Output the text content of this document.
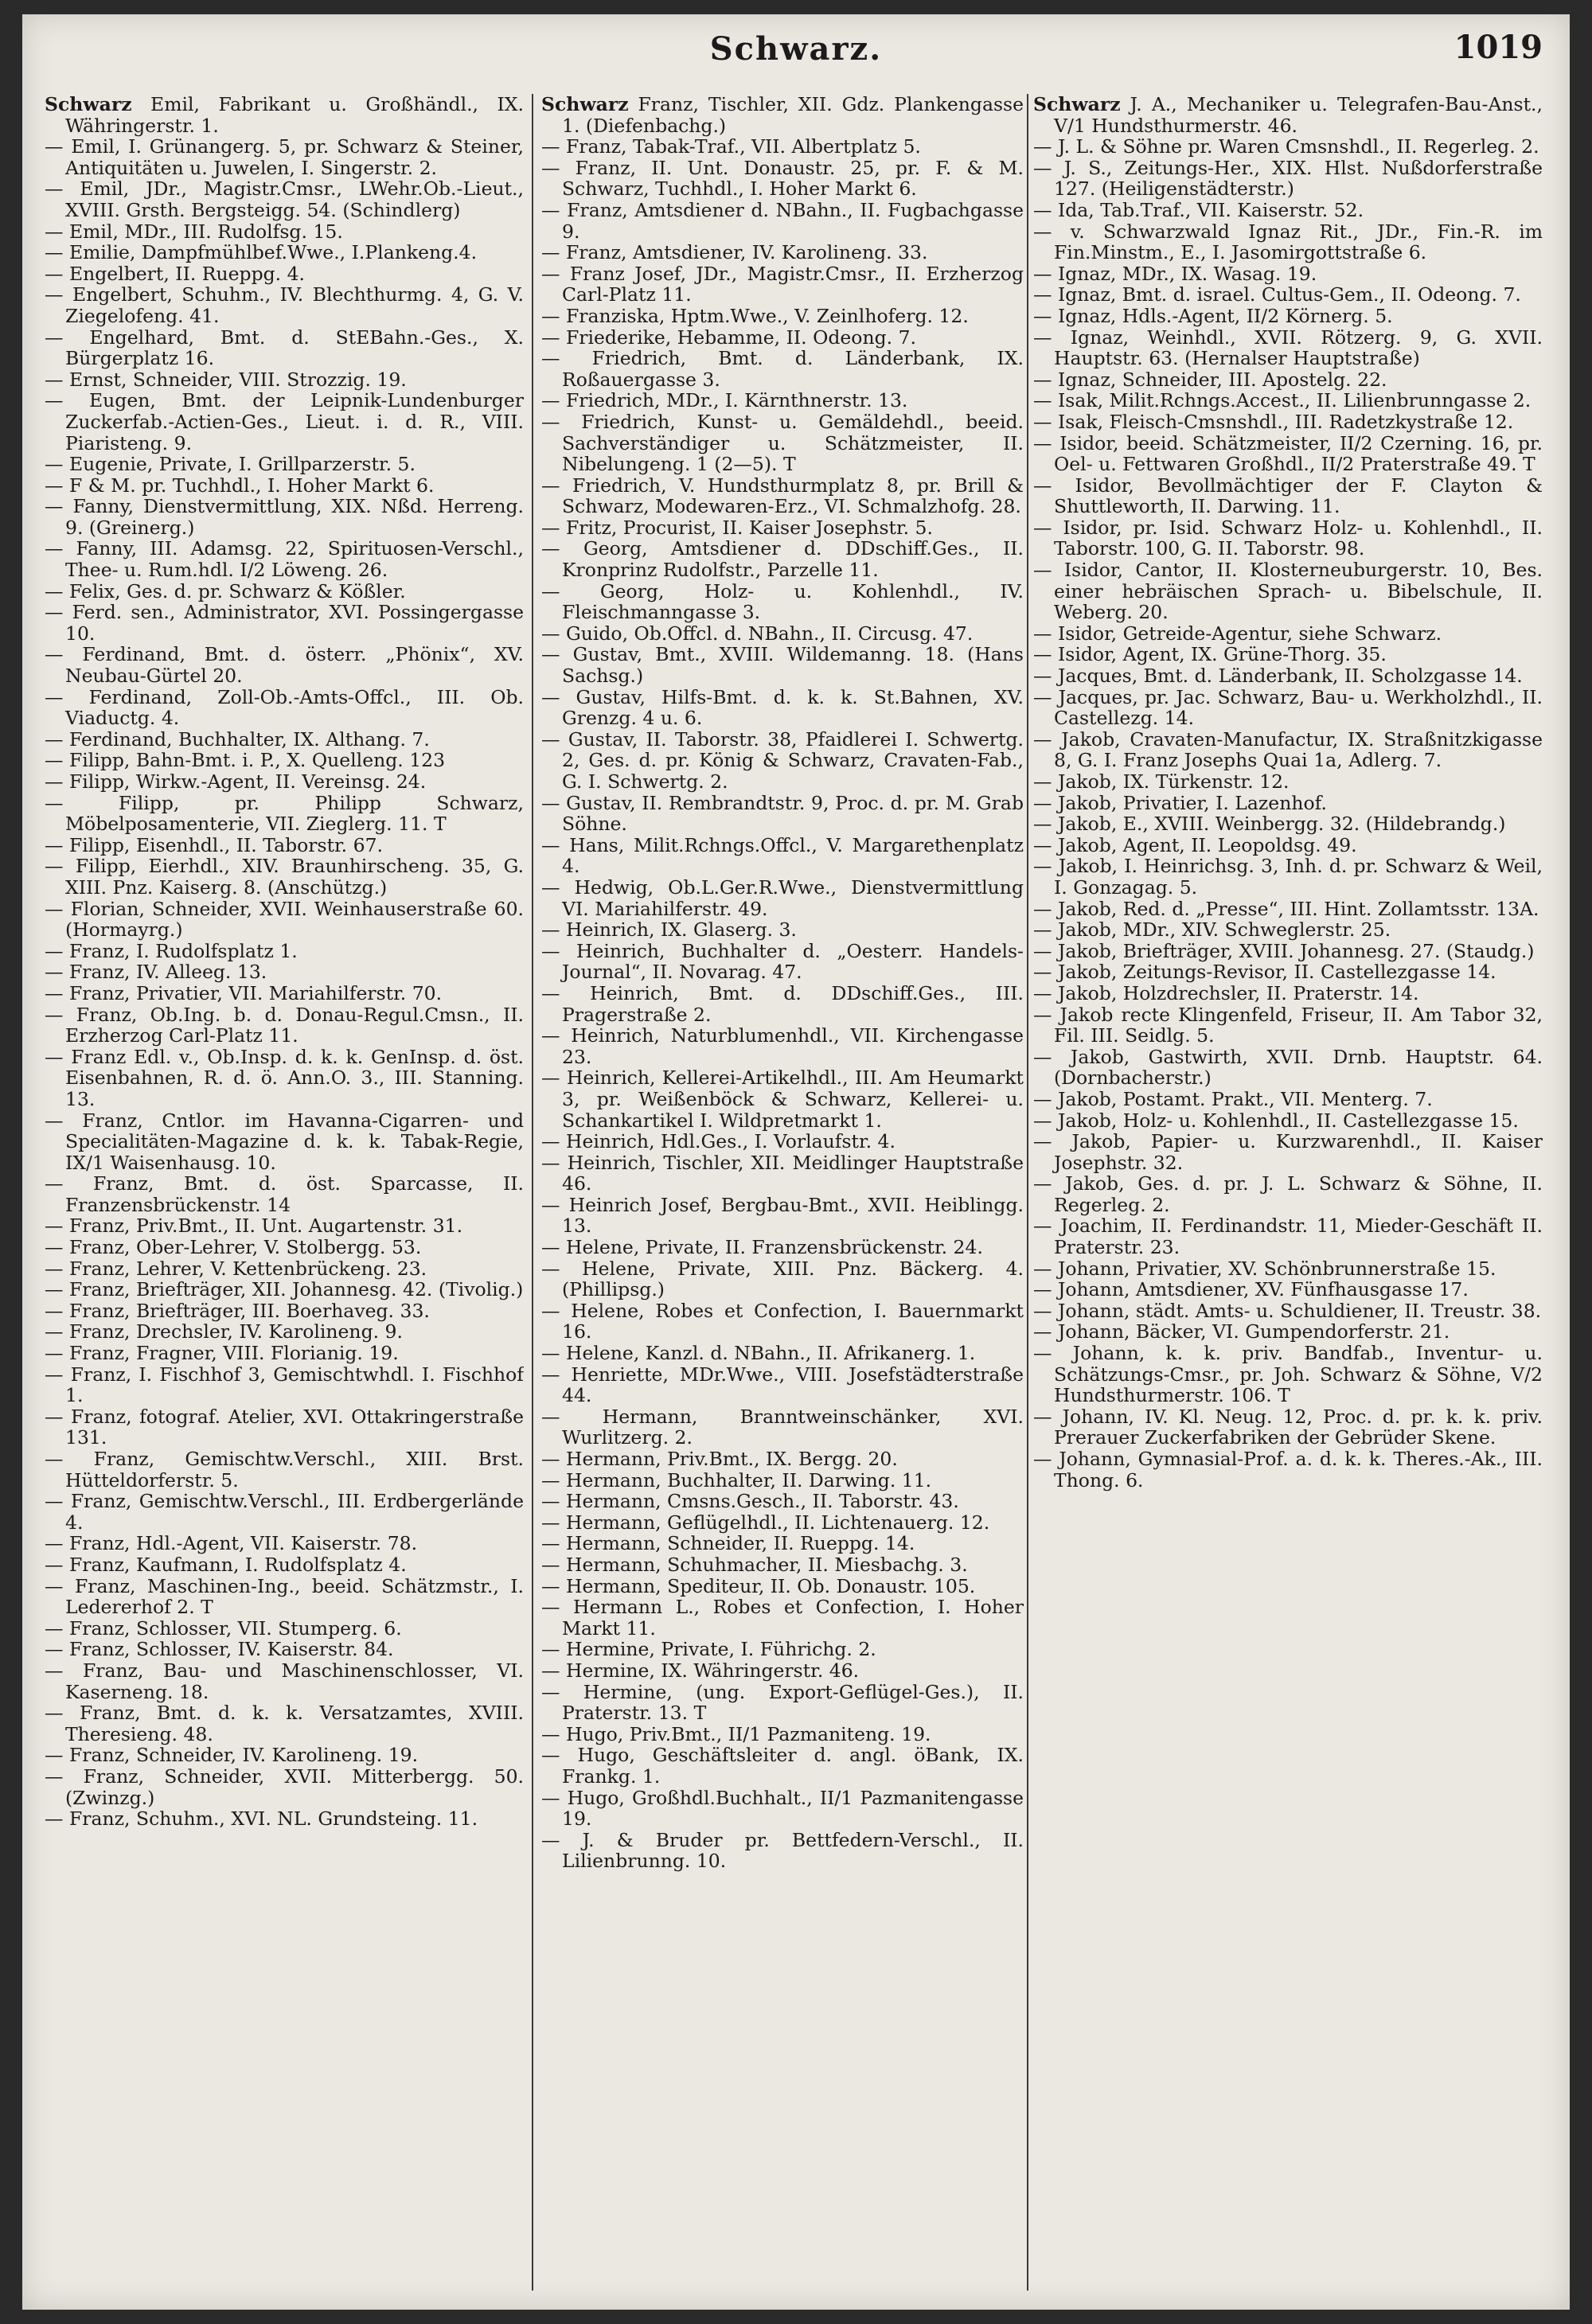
Schwarz.	1019
Schwarz Emil, Fabrikant u. Großhändl., IX. Währingerstr. 1.
— Emil, I. Grünangerg. 5, pr. Schwarz & Steiner, Antiquitäten u. Juwelen, I. Singerstr. 2.
— Emil, JDr., Magistr.Cmsr., LWehr.Ob.-Lieut., XVIII. Grsth. Bergsteigg. 54. (Schindlerg)
— Emil, MDr., III. Rudolfsg. 15.
— Emilie, Dampfmühlbef.Wwe., I.Plankeng.4.
— Engelbert, II. Rueppg. 4.
— Engelbert, Schuhm., IV. Blechthurmg. 4, G. V. Ziegelofeng. 41.
— Engelhard, Bmt. d. StEBahn.-Ges., X. Bürgerplatz 16.
— Ernst, Schneider, VIII. Strozzig. 19.
— Eugen, Bmt. der Leipnik-Lundenburger Zuckerfab.-Actien-Ges., Lieut. i. d. R., VIII. Piaristeng. 9.
— Eugenie, Private, I. Grillparzerstr. 5.
— F & M. pr. Tuchhdl., I. Hoher Markt 6.
— Fanny, Dienstvermittlung, XIX. Nßd. Herreng. 9. (Greinerg.)
— Fanny, III. Adamsg. 22, Spirituosen-Verschl., Thee- u. Rum.hdl. I/2 Löweng. 26.
— Felix, Ges. d. pr. Schwarz & Kößler.
— Ferd. sen., Administrator, XVI. Possingergasse 10.
— Ferdinand, Bmt. d. österr. „Phönix“, XV. Neubau-Gürtel 20.
— Ferdinand, Zoll-Ob.-Amts-Offcl., III. Ob. Viaductg. 4.
— Ferdinand, Buchhalter, IX. Althang. 7.
— Filipp, Bahn-Bmt. i. P., X. Quelleng. 123
— Filipp, Wirkw.-Agent, II. Vereinsg. 24.
— Filipp, pr. Philipp Schwarz, Möbelposamenterie, VII. Zieglerg. 11. T
— Filipp, Eisenhdl., II. Taborstr. 67.
— Filipp, Eierhdl., XIV. Braunhirscheng. 35, G. XIII. Pnz. Kaiserg. 8. (Anschützg.)
— Florian, Schneider, XVII. Weinhauserstraße 60. (Hormayrg.)
— Franz, I. Rudolfsplatz 1.
— Franz, IV. Alleeg. 13.
— Franz, Privatier, VII. Mariahilferstr. 70.
— Franz, Ob.Ing. b. d. Donau-Regul.Cmsn., II. Erzherzog Carl-Platz 11.
— Franz Edl. v., Ob.Insp. d. k. k. GenInsp. d. öst. Eisenbahnen, R. d. ö. Ann.O. 3., III. Stanning. 13.
— Franz, Cntlor. im Havanna-Cigarren- und Specialitäten-Magazine d. k. k. Tabak-Regie, IX/1 Waisenhausg. 10.
— Franz, Bmt. d. öst. Sparcasse, II. Franzensbrückenstr. 14
— Franz, Priv.Bmt., II. Unt. Augartenstr. 31.
— Franz, Ober-Lehrer, V. Stolbergg. 53.
— Franz, Lehrer, V. Kettenbrückeng. 23.
— Franz, Briefträger, XII. Johannesg. 42. (Tivolig.)
— Franz, Briefträger, III. Boerhaveg. 33.
— Franz, Drechsler, IV. Karolineng. 9.
— Franz, Fragner, VIII. Florianig. 19.
— Franz, I. Fischhof 3, Gemischtwhdl. I. Fischhof 1.
— Franz, fotograf. Atelier, XVI. Ottakringerstraße 131.
— Franz, Gemischtw.Verschl., XIII. Brst. Hütteldorferstr. 5.
— Franz, Gemischtw.Verschl., III. Erdbergerlände 4.
— Franz, Hdl.-Agent, VII. Kaiserstr. 78.
— Franz, Kaufmann, I. Rudolfsplatz 4.
— Franz, Maschinen-Ing., beeid. Schätzmstr., I. Ledererhof 2. T
— Franz, Schlosser, VII. Stumperg. 6.
— Franz, Schlosser, IV. Kaiserstr. 84.
— Franz, Bau- und Maschinenschlosser, VI. Kaserneng. 18.
— Franz, Bmt. d. k. k. Versatzamtes, XVIII. Theresieng. 48.
— Franz, Schneider, IV. Karolineng. 19.
— Franz, Schneider, XVII. Mitterbergg. 50. (Zwinzg.)
— Franz, Schuhm., XVI. NL. Grundsteing. 11.
Schwarz Franz, Tischler, XII. Gdz. Plankengasse 1. (Diefenbachg.)
— Franz, Tabak-Traf., VII. Albertplatz 5.
— Franz, II. Unt. Donaustr. 25, pr. F. & M. Schwarz, Tuchhdl., I. Hoher Markt 6.
— Franz, Amtsdiener d. NBahn., II. Fugbachgasse 9.
— Franz, Amtsdiener, IV. Karolineng. 33.
— Franz Josef, JDr., Magistr.Cmsr., II. Erzherzog Carl-Platz 11.
— Franziska, Hptm.Wwe., V. Zeinlhoferg. 12.
— Friederike, Hebamme, II. Odeong. 7.
— Friedrich, Bmt. d. Länderbank, IX. Roßauergasse 3.
— Friedrich, MDr., I. Kärnthnerstr. 13.
— Friedrich, Kunst- u. Gemäldehdl., beeid. Sachverständiger u. Schätzmeister, II. Nibelungeng. 1 (2—5). T
— Friedrich, V. Hundsthurmplatz 8, pr. Brill & Schwarz, Modewaren-Erz., VI. Schmalzhofg. 28.
— Fritz, Procurist, II. Kaiser Josephstr. 5.
— Georg, Amtsdiener d. DDschiff.Ges., II. Kronprinz Rudolfstr., Parzelle 11.
— Georg, Holz- u. Kohlenhdl., IV. Fleischmanngasse 3.
— Guido, Ob.Offcl. d. NBahn., II. Circusg. 47.
— Gustav, Bmt., XVIII. Wildemanng. 18. (Hans Sachsg.)
— Gustav, Hilfs-Bmt. d. k. k. St.Bahnen, XV. Grenzg. 4 u. 6.
— Gustav, II. Taborstr. 38, Pfaidlerei I. Schwertg. 2, Ges. d. pr. König & Schwarz, Cravaten-Fab., G. I. Schwertg. 2.
— Gustav, II. Rembrandtstr. 9, Proc. d. pr. M. Grab Söhne.
— Hans, Milit.Rchngs.Offcl., V. Margarethenplatz 4.
— Hedwig, Ob.L.Ger.R.Wwe., Dienstvermittlung VI. Mariahilferstr. 49.
— Heinrich, IX. Glaserg. 3.
— Heinrich, Buchhalter d. „Oesterr. Handels-Journal“, II. Novarag. 47.
— Heinrich, Bmt. d. DDschiff.Ges., III. Pragerstraße 2.
— Heinrich, Naturblumenhdl., VII. Kirchengasse 23.
— Heinrich, Kellerei-Artikelhdl., III. Am Heumarkt 3, pr. Weißenböck & Schwarz, Kellerei- u. Schankartikel I. Wildpretmarkt 1.
— Heinrich, Hdl.Ges., I. Vorlaufstr. 4.
— Heinrich, Tischler, XII. Meidlinger Hauptstraße 46.
— Heinrich Josef, Bergbau-Bmt., XVII. Heiblingg. 13.
— Helene, Private, II. Franzensbrückenstr. 24.
— Helene, Private, XIII. Pnz. Bäckerg. 4. (Phillipsg.)
— Helene, Robes et Confection, I. Bauernmarkt 16.
— Helene, Kanzl. d. NBahn., II. Afrikanerg. 1.
— Henriette, MDr.Wwe., VIII. Josefstädterstraße 44.
— Hermann, Branntweinschänker, XVI. Wurlitzerg. 2.
— Hermann, Priv.Bmt., IX. Bergg. 20.
— Hermann, Buchhalter, II. Darwing. 11.
— Hermann, Cmsns.Gesch., II. Taborstr. 43.
— Hermann, Geflügelhdl., II. Lichtenauerg. 12.
— Hermann, Schneider, II. Rueppg. 14.
— Hermann, Schuhmacher, II. Miesbachg. 3.
— Hermann, Spediteur, II. Ob. Donaustr. 105.
— Hermann L., Robes et Confection, I. Hoher Markt 11.
— Hermine, Private, I. Führichg. 2.
— Hermine, IX. Währingerstr. 46.
— Hermine, (ung. Export-Geflügel-Ges.), II. Praterstr. 13. T
— Hugo, Priv.Bmt., II/1 Pazmaniteng. 19.
— Hugo, Geschäftsleiter d. angl. öBank, IX. Frankg. 1.
— Hugo, Großhdl.Buchhalt., II/1 Pazmanitengasse 19.
— J. & Bruder pr. Bettfedern-Verschl., II. Lilienbrunng. 10.
Schwarz J. A., Mechaniker u. Telegrafen-Bau-Anst., V/1 Hundsthurmerstr. 46.
— J. L. & Söhne pr. Waren Cmsnshdl., II. Regerleg. 2.
— J. S., Zeitungs-Her., XIX. Hlst. Nußdorferstraße 127. (Heiligenstädterstr.)
— Ida, Tab.Traf., VII. Kaiserstr. 52.
— v. Schwarzwald Ignaz Rit., JDr., Fin.-R. im Fin.Minstm., E., I. Jasomirgottstraße 6.
— Ignaz, MDr., IX. Wasag. 19.
— Ignaz, Bmt. d. israel. Cultus-Gem., II. Odeong. 7.
— Ignaz, Hdls.-Agent, II/2 Körnerg. 5.
— Ignaz, Weinhdl., XVII. Rötzerg. 9, G. XVII. Hauptstr. 63. (Hernalser Hauptstraße)
— Ignaz, Schneider, III. Apostelg. 22.
— Isak, Milit.Rchngs.Accest., II. Lilienbrunngasse 2.
— Isak, Fleisch-Cmsnshdl., III. Radetzkystraße 12.
— Isidor, beeid. Schätzmeister, II/2 Czerning. 16, pr. Oel- u. Fettwaren Großhdl., II/2 Praterstraße 49. T
— Isidor, Bevollmächtiger der F. Clayton & Shuttleworth, II. Darwing. 11.
— Isidor, pr. Isid. Schwarz Holz- u. Kohlenhdl., II. Taborstr. 100, G. II. Taborstr. 98.
— Isidor, Cantor, II. Klosterneuburgerstr. 10, Bes. einer hebräischen Sprach- u. Bibelschule, II. Weberg. 20.
— Isidor, Getreide-Agentur, siehe Schwarz.
— Isidor, Agent, IX. Grüne-Thorg. 35.
— Jacques, Bmt. d. Länderbank, II. Scholzgasse 14.
— Jacques, pr. Jac. Schwarz, Bau- u. Werkholzhdl., II. Castellezg. 14.
— Jakob, Cravaten-Manufactur, IX. Straßnitzkigasse 8, G. I. Franz Josephs Quai 1a, Adlerg. 7.
— Jakob, IX. Türkenstr. 12.
— Jakob, Privatier, I. Lazenhof.
— Jakob, E., XVIII. Weinbergg. 32. (Hildebrandg.)
— Jakob, Agent, II. Leopoldsg. 49.
— Jakob, I. Heinrichsg. 3, Inh. d. pr. Schwarz & Weil, I. Gonzagag. 5.
— Jakob, Red. d. „Presse“, III. Hint. Zollamtsstr. 13A.
— Jakob, MDr., XIV. Schweglerstr. 25.
— Jakob, Briefträger, XVIII. Johannesg. 27. (Staudg.)
— Jakob, Zeitungs-Revisor, II. Castellezgasse 14.
— Jakob, Holzdrechsler, II. Praterstr. 14.
— Jakob recte Klingenfeld, Friseur, II. Am Tabor 32, Fil. III. Seidlg. 5.
— Jakob, Gastwirth, XVII. Drnb. Hauptstr. 64. (Dornbacherstr.)
— Jakob, Postamt. Prakt., VII. Menterg. 7.
— Jakob, Holz- u. Kohlenhdl., II. Castellezgasse 15.
— Jakob, Papier- u. Kurzwarenhdl., II. Kaiser Josephstr. 32.
— Jakob, Ges. d. pr. J. L. Schwarz & Söhne, II. Regerleg. 2.
— Joachim, II. Ferdinandstr. 11, Mieder-Geschäft II. Praterstr. 23.
— Johann, Privatier, XV. Schönbrunnerstraße 15.
— Johann, Amtsdiener, XV. Fünfhausgasse 17.
— Johann, städt. Amts- u. Schuldiener, II. Treustr. 38.
— Johann, Bäcker, VI. Gumpendorferstr. 21.
— Johann, k. k. priv. Bandfab., Inventur- u. Schätzungs-Cmsr., pr. Joh. Schwarz & Söhne, V/2 Hundsthurmerstr. 106. T
— Johann, IV. Kl. Neug. 12, Proc. d. pr. k. k. priv. Prerauer Zuckerfabriken der Gebrüder Skene.
— Johann, Gymnasial-Prof. a. d. k. k. Theres.-Ak., III. Thong. 6.
